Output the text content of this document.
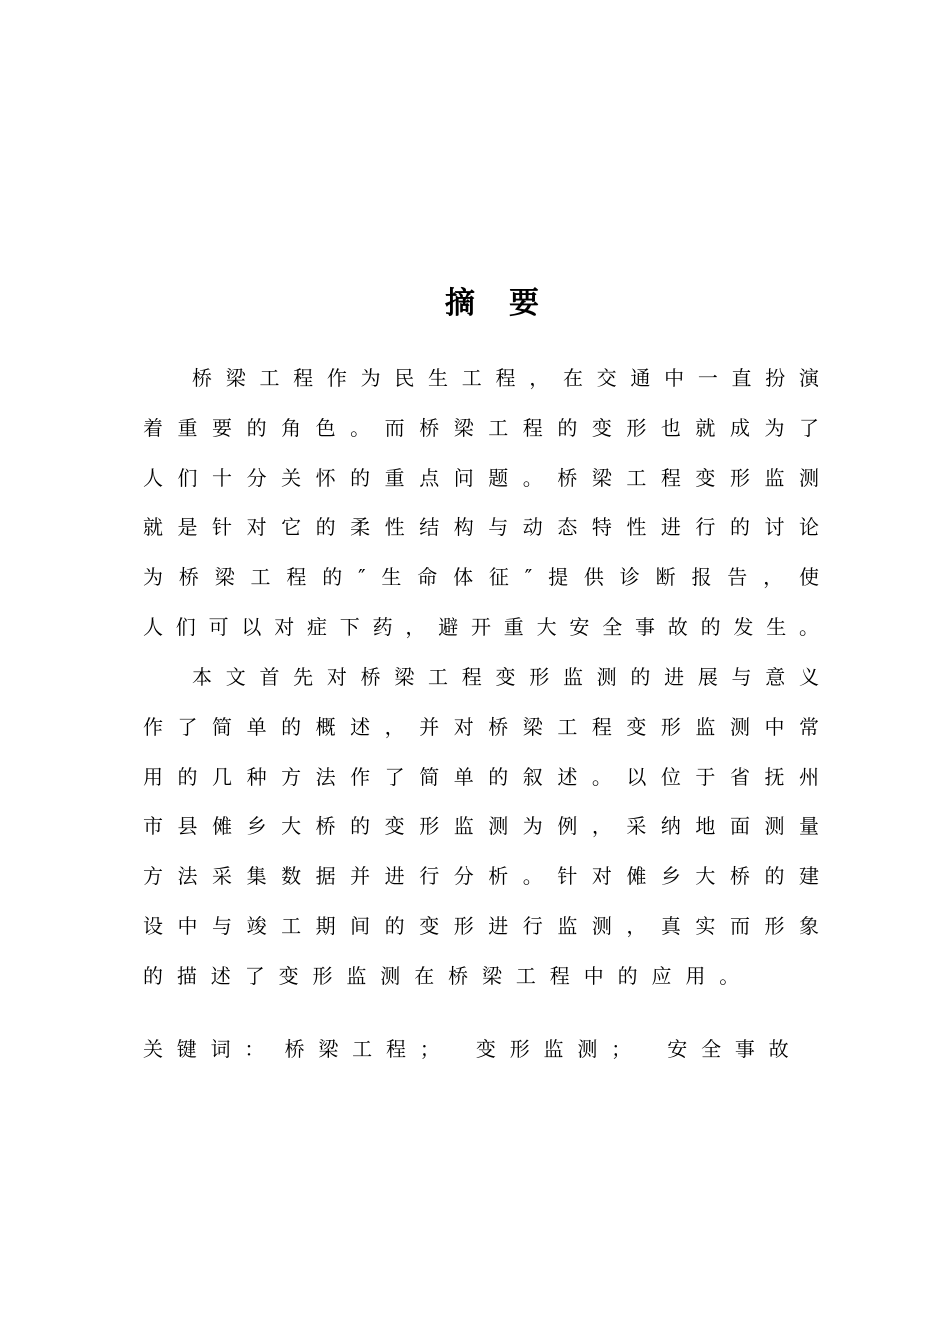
摘要
桥梁工程作为民生工程，在交通中一直扮演
着重要的角色。而桥梁工程的变形也就成为了
人们十分关怀的重点问题。桥梁工程变形监测
就是针对它的柔性结构与动态特性进行的讨论
为桥梁工程的″生命体征″提供诊断报告，使
人们可以对症下药，避开重大安全事故的发生。
本文首先对桥梁工程变形监测的进展与意义
作了简单的概述，并对桥梁工程变形监测中常
用的几种方法作了简单的叙述。以位于省抚州
市县傩乡大桥的变形监测为例，采纳地面测量
方法采集数据并进行分析。针对傩乡大桥的建
设中与竣工期间的变形进行监测，真实而形象
的描述了变形监测在桥梁工程中的应用。
关键词： 桥梁工程； 变形监测； 安全事故
